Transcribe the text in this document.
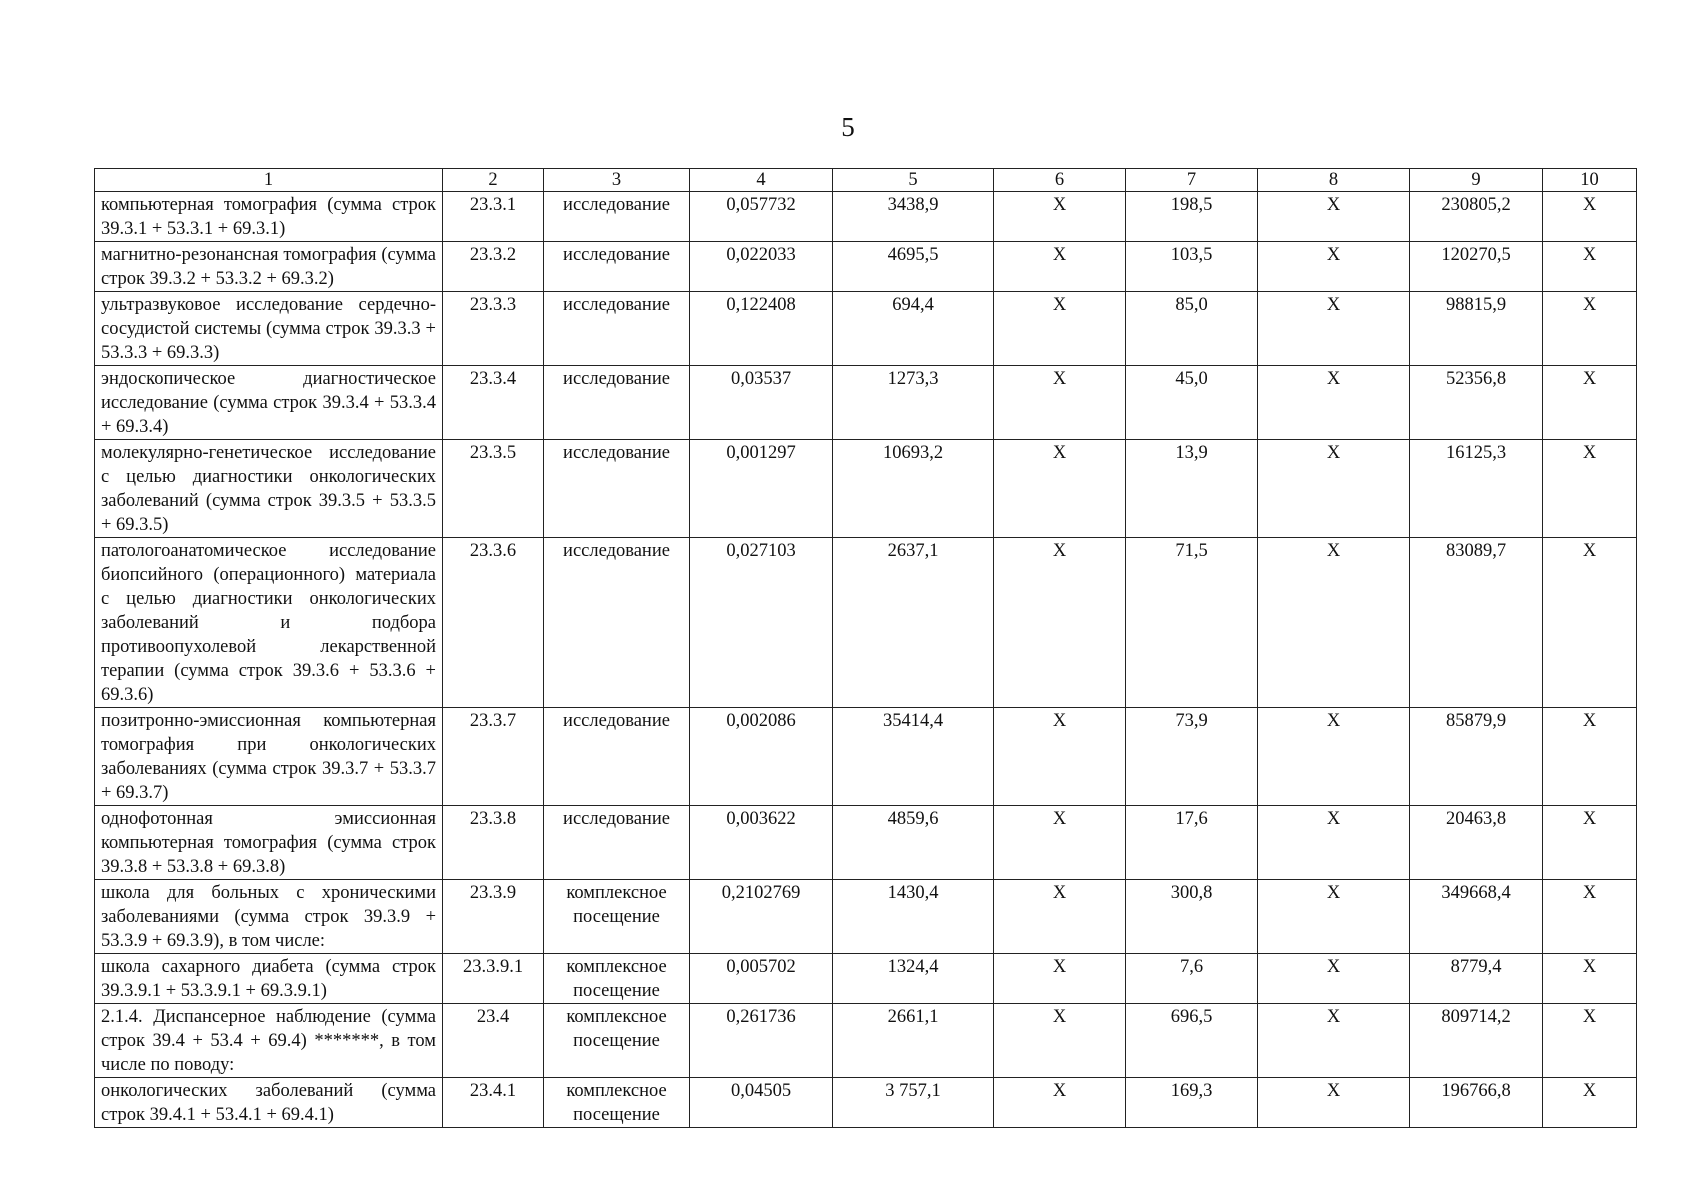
5
1	2	3	4	5	6	7	8	9	10
компьютерная томография (сумма строк 39.3.1 + 53.3.1 + 69.3.1)	23.3.1	исследование	0,057732	3438,9	Х	198,5	Х	230805,2	Х
магнитно-резонансная томография (сумма строк 39.3.2 + 53.3.2 + 69.3.2)	23.3.2	исследование	0,022033	4695,5	Х	103,5	Х	120270,5	Х
ультразвуковое исследование сердечно-сосудистой системы (сумма строк 39.3.3 + 53.3.3 + 69.3.3)	23.3.3	исследование	0,122408	694,4	Х	85,0	Х	98815,9	Х
эндоскопическое диагностическое исследование (сумма строк 39.3.4 + 53.3.4 + 69.3.4)	23.3.4	исследование	0,03537	1273,3	Х	45,0	Х	52356,8	Х
молекулярно-генетическое исследование с целью диагностики онкологических заболеваний (сумма строк 39.3.5 + 53.3.5 + 69.3.5)	23.3.5	исследование	0,001297	10693,2	Х	13,9	Х	16125,3	Х
патологоанатомическое исследование биопсийного (операционного) материала с целью диагностики онкологических заболеваний и подбора противоопухолевой лекарственной терапии (сумма строк 39.3.6 + 53.3.6 + 69.3.6)	23.3.6	исследование	0,027103	2637,1	Х	71,5	Х	83089,7	Х
позитронно-эмиссионная компьютерная томография при онкологических заболеваниях (сумма строк 39.3.7 + 53.3.7 + 69.3.7)	23.3.7	исследование	0,002086	35414,4	Х	73,9	Х	85879,9	Х
однофотонная эмиссионная компьютерная томография (сумма строк 39.3.8 + 53.3.8 + 69.3.8)	23.3.8	исследование	0,003622	4859,6	Х	17,6	Х	20463,8	Х
школа для больных с хроническими заболеваниями (сумма строк 39.3.9 + 53.3.9 + 69.3.9), в том числе:	23.3.9	комплексное посещение	0,2102769	1430,4	Х	300,8	Х	349668,4	Х
школа сахарного диабета (сумма строк 39.3.9.1 + 53.3.9.1 + 69.3.9.1)	23.3.9.1	комплексное посещение	0,005702	1324,4	Х	7,6	Х	8779,4	Х
2.1.4. Диспансерное наблюдение (сумма строк 39.4 + 53.4 + 69.4) *******, в том числе по поводу:	23.4	комплексное посещение	0,261736	2661,1	Х	696,5	Х	809714,2	Х
онкологических заболеваний (сумма строк 39.4.1 + 53.4.1 + 69.4.1)	23.4.1	комплексное посещение	0,04505	3 757,1	Х	169,3	Х	196766,8	Х
